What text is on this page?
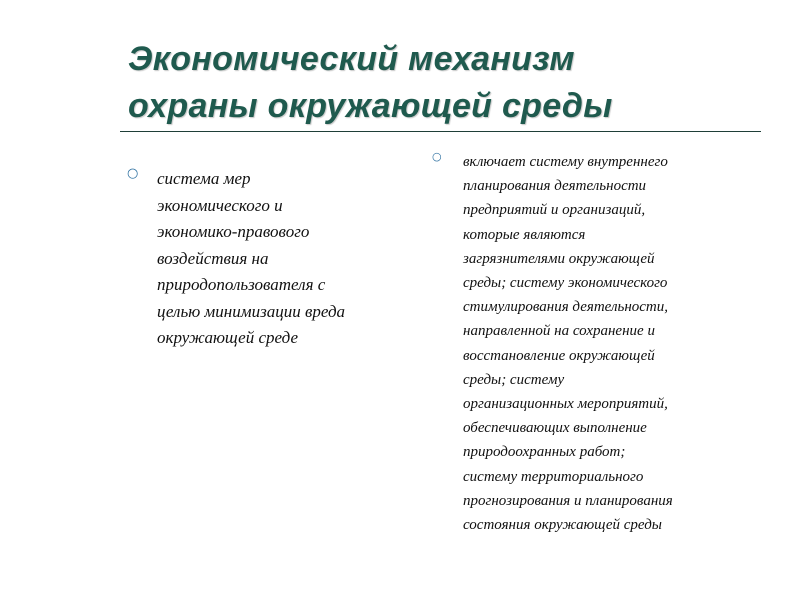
Экономический механизм
охраны окружающей среды
○ система мер
экономического и
экономико-правового
воздействия на
природопользователя с
целью минимизации вреда
окружающей среде

○ включает систему внутреннего
планирования деятельности
предприятий и организаций,
которые являются
загрязнителями окружающей
среды; систему экономического
стимулирования деятельности,
направленной на сохранение и
восстановление окружающей
среды; систему
организационных мероприятий,
обеспечивающих выполнение
природоохранных работ;
систему территориального
прогнозирования и планирования
состояния окружающей среды
